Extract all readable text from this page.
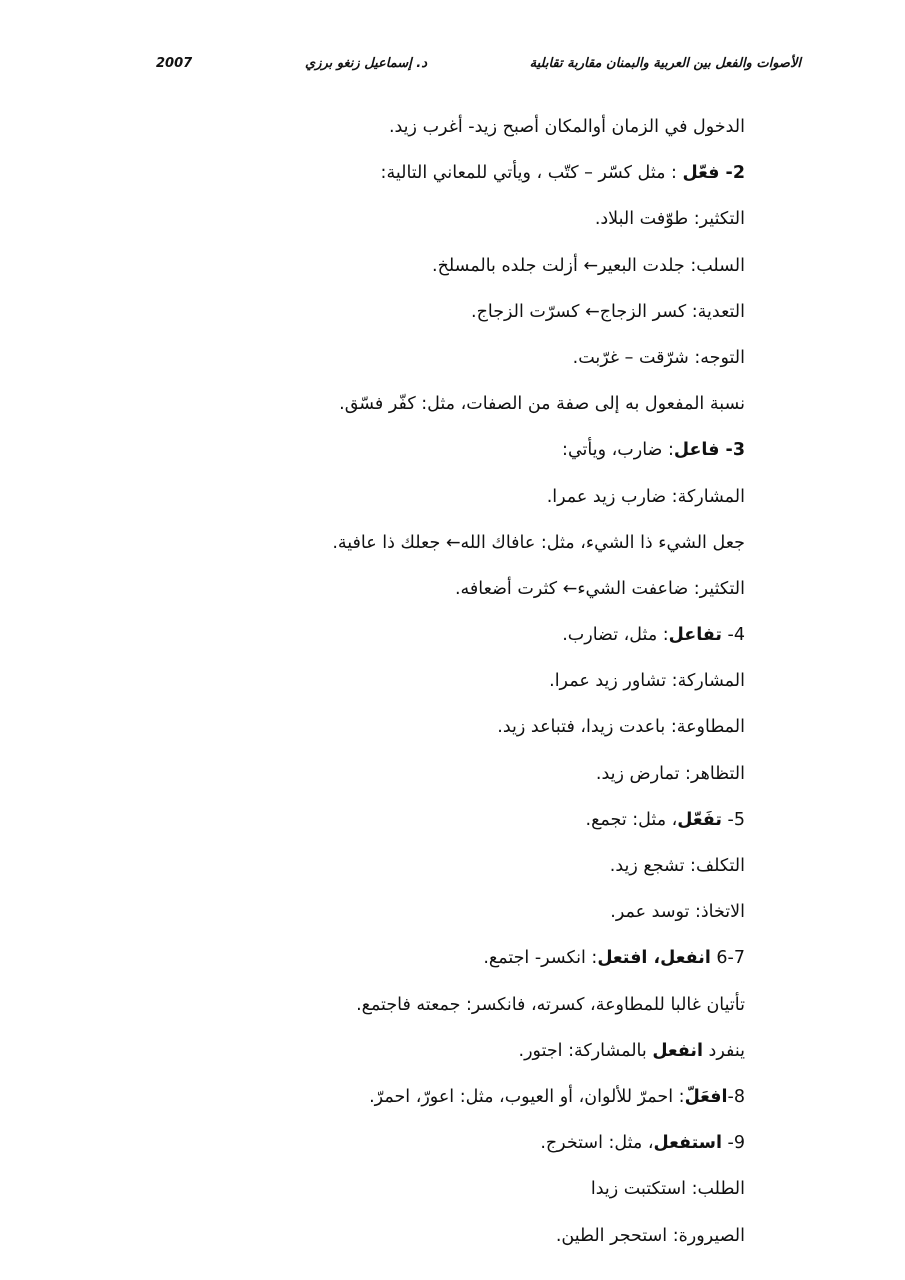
الأصوات والفعل بين العربية والبمنان مقاربة تقابلية
د. إسماعيل زنغو برزي
2007
الدخول في الزمان أوالمكان أصبح زيد- أغرب زيد.
2- فعّل : مثل كسّر – كتّب ، ويأتي للمعاني التالية:
التكثير: طوّفت البلاد.
السلب: جلدت البعير← أزلت جلده بالمسلخ.
التعدية: كسر الزجاج← كسرّت الزجاج.
التوجه: شرّقت – غرّبت.
نسبة المفعول به إلى صفة من الصفات، مثل: كفّر فسّق.
3- فاعل: ضارب، ويأتي:
المشاركة: ضارب زيد عمرا.
جعل الشيء ذا الشيء، مثل: عافاك الله← جعلك ذا عافية.
التكثير: ضاعفت الشيء← كثرت أضعافه.
4- تفاعل: مثل، تضارب.
المشاركة: تشاور زيد عمرا.
المطاوعة: باعدت زيدا، فتباعد زيد.
التظاهر: تمارض زيد.
5- تفَعّل، مثل: تجمع.
التكلف: تشجع زيد.
الاتخاذ: توسد عمر.
6-7 انفعل، افتعل: انكسر- اجتمع.
تأتيان غالبا للمطاوعة، كسرته، فانكسر: جمعته فاجتمع.
ينفرد انفعل بالمشاركة: اجتور.
8-افعَلّ: احمرّ للألوان، أو العيوب، مثل: اعورّ، احمرّ.
9- استفعل، مثل: استخرج.
الطلب: استكتبت زيدا
الصيرورة: استحجر الطين.
